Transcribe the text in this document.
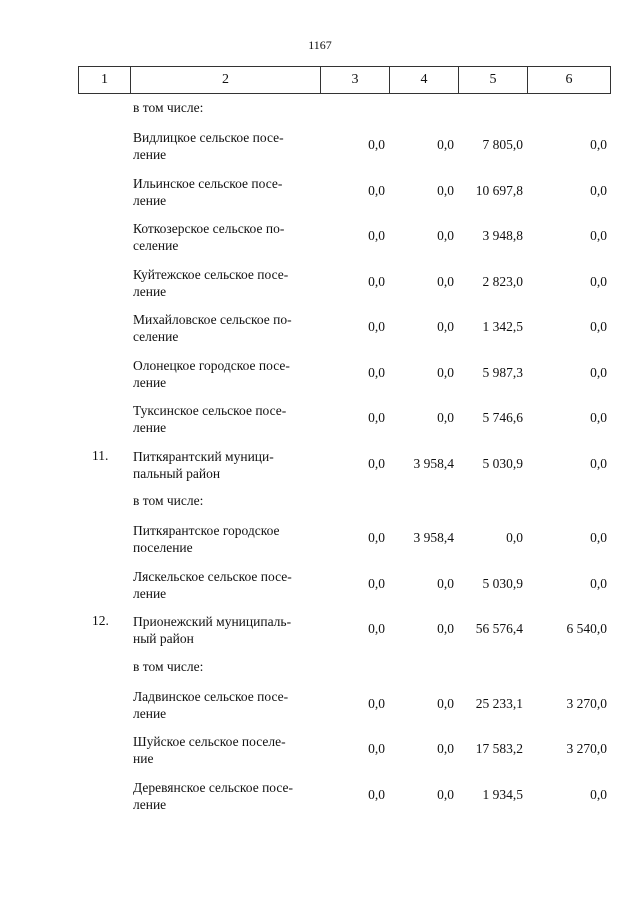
1167
1	2	3	4	5	6
в том числе:
Видлицкое сельское посе-
ление
0,0	0,0	7 805,0	0,0
Ильинское сельское посе-
ление
0,0	0,0	10 697,8	0,0
Коткозерское сельское по-
селение
0,0	0,0	3 948,8	0,0
Куйтежское сельское посе-
ление
0,0	0,0	2 823,0	0,0
Михайловское сельское по-
селение
0,0	0,0	1 342,5	0,0
Олонецкое городское посе-
ление
0,0	0,0	5 987,3	0,0
Туксинское сельское посе-
ление
0,0	0,0	5 746,6	0,0
11. Питкярантский муници-
пальный район
0,0	3 958,4	5 030,9	0,0
в том числе:
Питкярантское городское
поселение
0,0	3 958,4	0,0	0,0
Ляскельское сельское посе-
ление
0,0	0,0	5 030,9	0,0
12. Прионежский муниципаль-
ный район
0,0	0,0	56 576,4	6 540,0
в том числе:
Ладвинское сельское посе-
ление
0,0	0,0	25 233,1	3 270,0
Шуйское сельское поселе-
ние
0,0	0,0	17 583,2	3 270,0
Деревянское сельское посе-
ление
0,0	0,0	1 934,5	0,0
